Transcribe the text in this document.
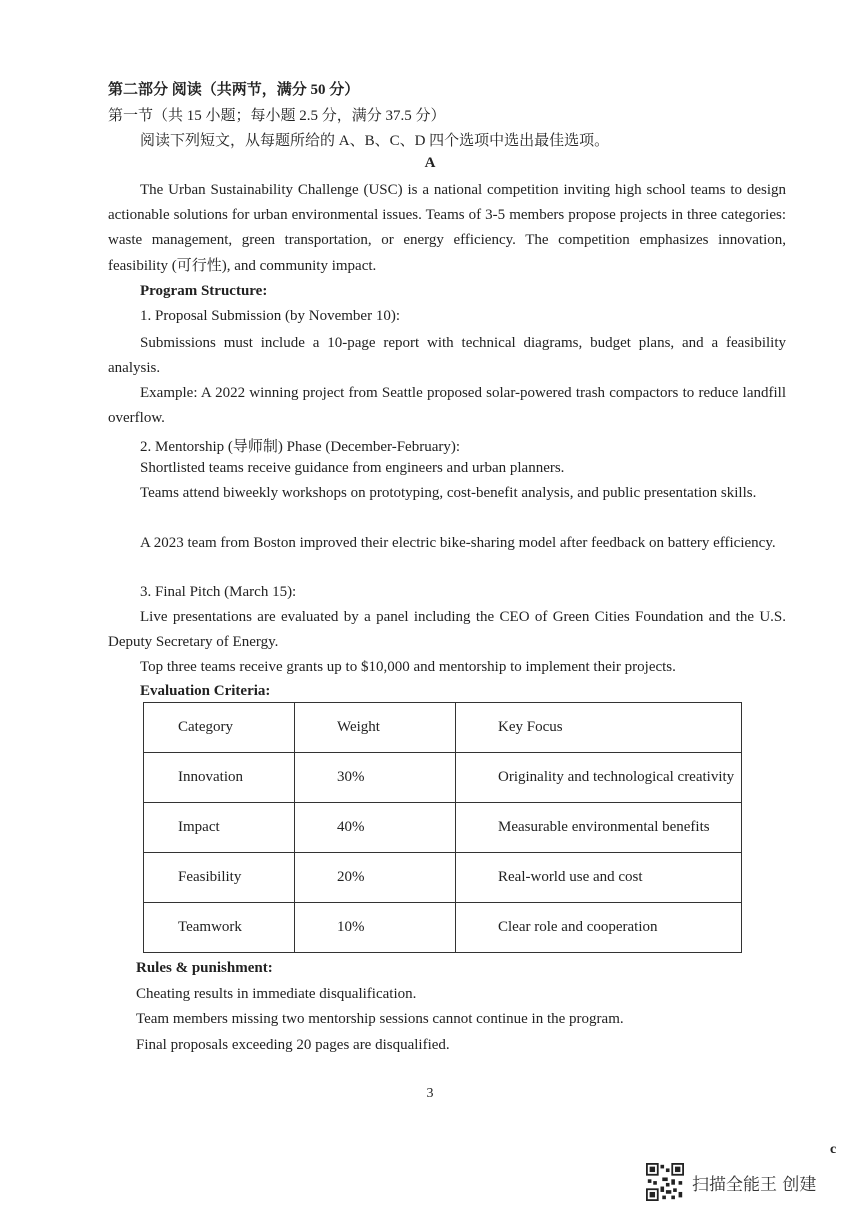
第二部分 阅读（共两节，满分 50 分）
第一节（共 15 小题；每小题 2.5 分，满分 37.5 分）
阅读下列短文，从每题所给的 A、B、C、D 四个选项中选出最佳选项。
A
The Urban Sustainability Challenge (USC) is a national competition inviting high school teams to design actionable solutions for urban environmental issues. Teams of 3-5 members propose projects in three categories: waste management, green transportation, or energy efficiency. The competition emphasizes innovation, feasibility (可行性), and community impact.
Program Structure:
1. Proposal Submission (by November 10):
Submissions must include a 10-page report with technical diagrams, budget plans, and a feasibility analysis.
Example: A 2022 winning project from Seattle proposed solar-powered trash compactors to reduce landfill overflow.
2. Mentorship (导师制) Phase (December-February):
Shortlisted teams receive guidance from engineers and urban planners.
Teams attend biweekly workshops on prototyping, cost-benefit analysis, and public presentation skills.
A 2023 team from Boston improved their electric bike-sharing model after feedback on battery efficiency.
3. Final Pitch (March 15):
Live presentations are evaluated by a panel including the CEO of Green Cities Foundation and the U.S. Deputy Secretary of Energy.
Top three teams receive grants up to $10,000 and mentorship to implement their projects.
Evaluation Criteria:
Category	Weight	Key Focus
Innovation	30%	Originality and technological creativity
Impact	40%	Measurable environmental benefits
Feasibility	20%	Real-world use and cost
Teamwork	10%	Clear role and cooperation
Rules & punishment:
Cheating results in immediate disqualification.
Team members missing two mentorship sessions cannot continue in the program.
Final proposals exceeding 20 pages are disqualified.
3
c
扫描全能王 创建
